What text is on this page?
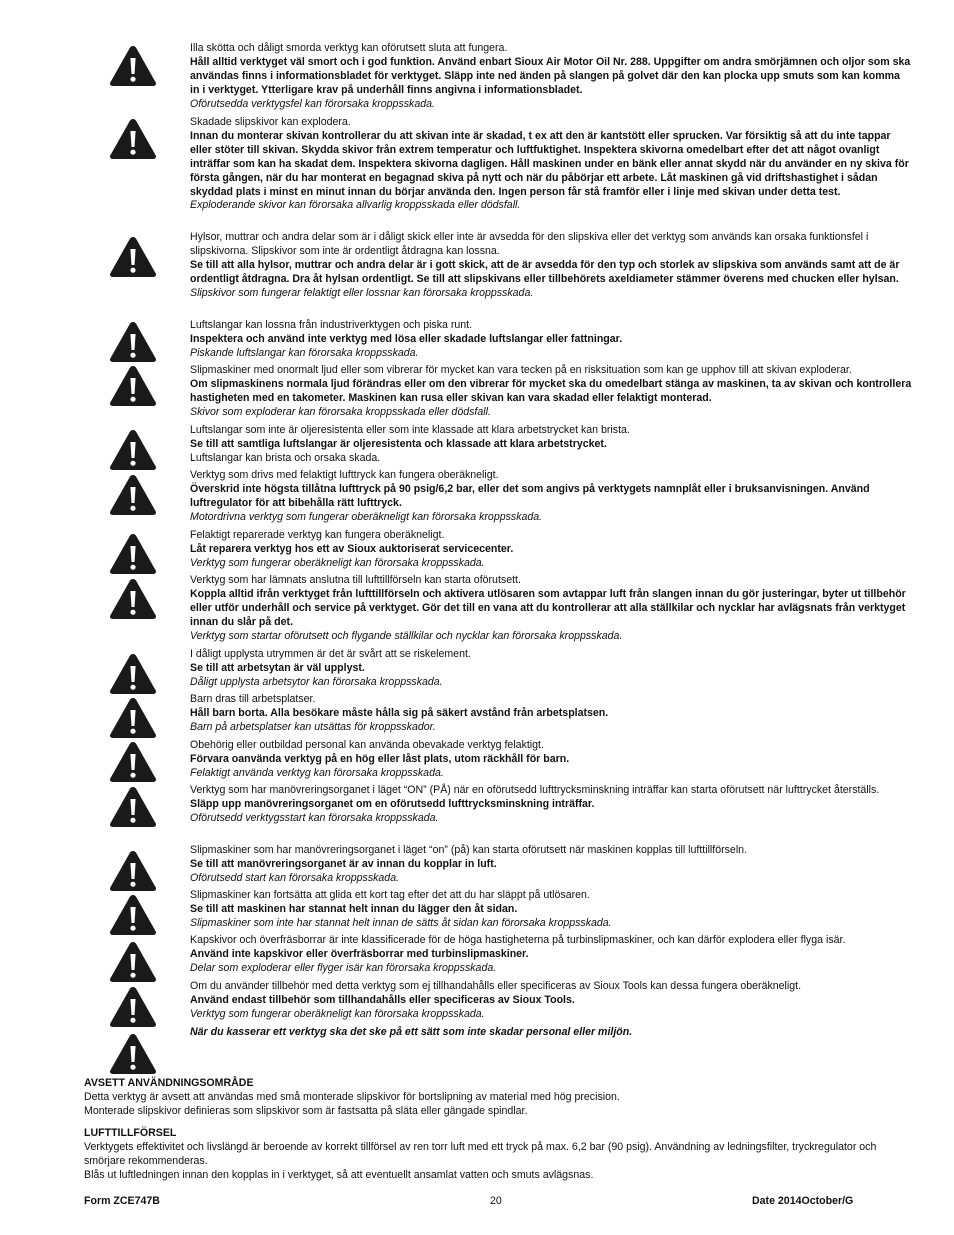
Illa skötta och dåligt smorda verktyg kan oförutsett sluta att fungera.
Håll alltid verktyget väl smort och i god funktion. Använd enbart Sioux Air Motor Oil Nr. 288. Uppgifter om andra smörjämnen och oljor som ska användas finns i informationsbladet för verktyget. Släpp inte ned änden på slangen på golvet där den kan plocka upp smuts som kan komma in i verktyget. Ytterligare krav på underhåll finns angivna i informationsbladet.
Oförutsedda verktygsfel kan förorsaka kroppsskada.
Skadade slipskivor kan explodera.
Innan du monterar skivan kontrollerar du att skivan inte är skadad, t ex att den är kantstött eller sprucken. Var försiktig så att du inte tappar eller stöter till skivan. Skydda skivor från extrem temperatur och luftfuktighet. Inspektera skivorna omedelbart efter det att något ovanligt inträffar som kan ha skadat dem. Inspektera skivorna dagligen. Håll maskinen under en bänk eller annat skydd när du använder en ny skiva för första gången, när du har monterat en begagnad skiva på nytt och när du påbörjar ett arbete. Låt maskinen gå vid driftshastighet i sådan skyddad plats i minst en minut innan du börjar använda den. Ingen person får stå framför eller i linje med skivan under detta test.
Exploderande skivor kan förorsaka allvarlig kroppsskada eller dödsfall.
Hylsor, muttrar och andra delar som är i dåligt skick eller inte är avsedda för den slipskiva eller det verktyg som används kan orsaka funktionsfel i slipskivorna. Slipskivor som inte är ordentligt åtdragna kan lossna.
Se till att alla hylsor, muttrar och andra delar är i gott skick, att de är avsedda för den typ och storlek av slipskiva som används samt att de är ordentligt åtdragna. Dra åt hylsan ordentligt. Se till att slipskivans eller tillbehörets axeldiameter stämmer överens med chucken eller hylsan.
Slipskivor som fungerar felaktigt eller lossnar kan förorsaka kroppsskada.
Luftslangar kan lossna från industriverktygen och piska runt.
Inspektera och använd inte verktyg med lösa eller skadade luftslangar eller fattningar.
Piskande luftslangar kan förorsaka kroppsskada.
Slipmaskiner med onormalt ljud eller som vibrerar för mycket kan vara tecken på en risksituation som kan ge upphov till att skivan exploderar.
Om slipmaskinens normala ljud förändras eller om den vibrerar för mycket ska du omedelbart stänga av maskinen, ta av skivan och kontrollera hastigheten med en takometer. Maskinen kan rusa eller skivan kan vara skadad eller felaktigt monterad.
Skivor som exploderar kan förorsaka kroppsskada eller dödsfall.
Luftslangar som inte är oljeresistenta eller som inte klassade att klara arbetstrycket kan brista.
Se till att samtliga luftslangar är oljeresistenta och klassade att klara arbetstrycket.
Luftslangar kan brista och orsaka skada.
Verktyg som drivs med felaktigt lufttryck kan fungera oberäkneligt.
Överskrid inte högsta tillåtna lufttryck på 90 psig/6,2 bar, eller det som angivs på verktygets namnplåt eller i bruksanvisningen. Använd luftregulator för att bibehålla rätt lufttryck.
Motordrivna verktyg som fungerar oberäkneligt kan förorsaka kroppsskada.
Felaktigt reparerade verktyg kan fungera oberäkneligt.
Låt reparera verktyg hos ett av Sioux auktoriserat servicecenter.
Verktyg som fungerar oberäkneligt kan förorsaka kroppsskada.
Verktyg som har lämnats anslutna till lufttillförseln kan starta oförutsett.
Koppla alltid ifrån verktyget från lufttillförseln och aktivera utlösaren som avtappar luft från slangen innan du gör justeringar, byter ut tillbehör eller utför underhåll och service på verktyget. Gör det till en vana att du kontrollerar att alla ställkilar och nycklar har avlägsnats från verktyget innan du slår på det.
Verktyg som startar oförutsett och flygande ställkilar och nycklar kan förorsaka kroppsskada.
I dåligt upplysta utrymmen är det är svårt att se riskelement.
Se till att arbetsytan är väl upplyst.
Dåligt upplysta arbetsytor kan förorsaka kroppsskada.
Barn dras till arbetsplatser.
Håll barn borta. Alla besökare måste hålla sig på säkert avstånd från arbetsplatsen.
Barn på arbetsplatser kan utsättas för kroppsskador.
Obehörig eller outbildad personal kan använda obevakade verktyg felaktigt.
Förvara oanvända verktyg på en hög eller låst plats, utom räckhåll för barn.
Felaktigt använda verktyg kan förorsaka kroppsskada.
Verktyg som har manövreringsorganet i läget “ON” (PÅ) när en oförutsedd lufttrycksminskning inträffar kan starta oförutsett när lufttrycket återställs.
Släpp upp manövreringsorganet om en oförutsedd lufttrycksminskning inträffar.
Oförutsedd verktygsstart kan förorsaka kroppsskada.
Slipmaskiner som har manövreringsorganet i läget “on” (på) kan starta oförutsett när maskinen kopplas till lufttillförseln.
Se till att manövreringsorganet är av innan du kopplar in luft.
Oförutsedd start kan förorsaka kroppsskada.
Slipmaskiner kan fortsätta att glida ett kort tag efter det att du har släppt på utlösaren.
Se till att maskinen har stannat helt innan du lägger den åt sidan.
Slipmaskiner som inte har stannat helt innan de sätts åt sidan kan förorsaka kroppsskada.
Kapskivor och överfräsborrar är inte klassificerade för de höga hastigheterna på turbinslipmaskiner, och kan därför explodera eller flyga isär.
Använd inte kapskivor eller överfräsborrar med turbinslipmaskiner.
Delar som exploderar eller flyger isär kan förorsaka kroppsskada.
Om du använder tillbehör med detta verktyg som ej tillhandahålls eller specificeras av Sioux Tools kan dessa fungera oberäkneligt.
Använd endast tillbehör som tillhandahålls eller specificeras av Sioux Tools.
Verktyg som fungerar oberäkneligt kan förorsaka kroppsskada.
När du kasserar ett verktyg ska det ske på ett sätt som inte skadar personal eller miljön.
AVSETT ANVÄNDNINGSOMRÅDE
Detta verktyg är avsett att användas med små monterade slipskivor för bortslipning av material med hög precision.
Monterade slipskivor definieras som slipskivor som är fastsatta på släta eller gängade spindlar.
LUFTTILLFÖRSEL
Verktygets effektivitet och livslängd är beroende av korrekt tillförsel av ren torr luft med ett tryck på max. 6,2 bar (90 psig). Användning av ledningsfilter, tryckregulator och smörjare rekommenderas.
Blås ut luftledningen innan den kopplas in i verktyget, så att eventuellt ansamlat vatten och smuts avlägsnas.
Form ZCE747B	20	Date 2014October/G
